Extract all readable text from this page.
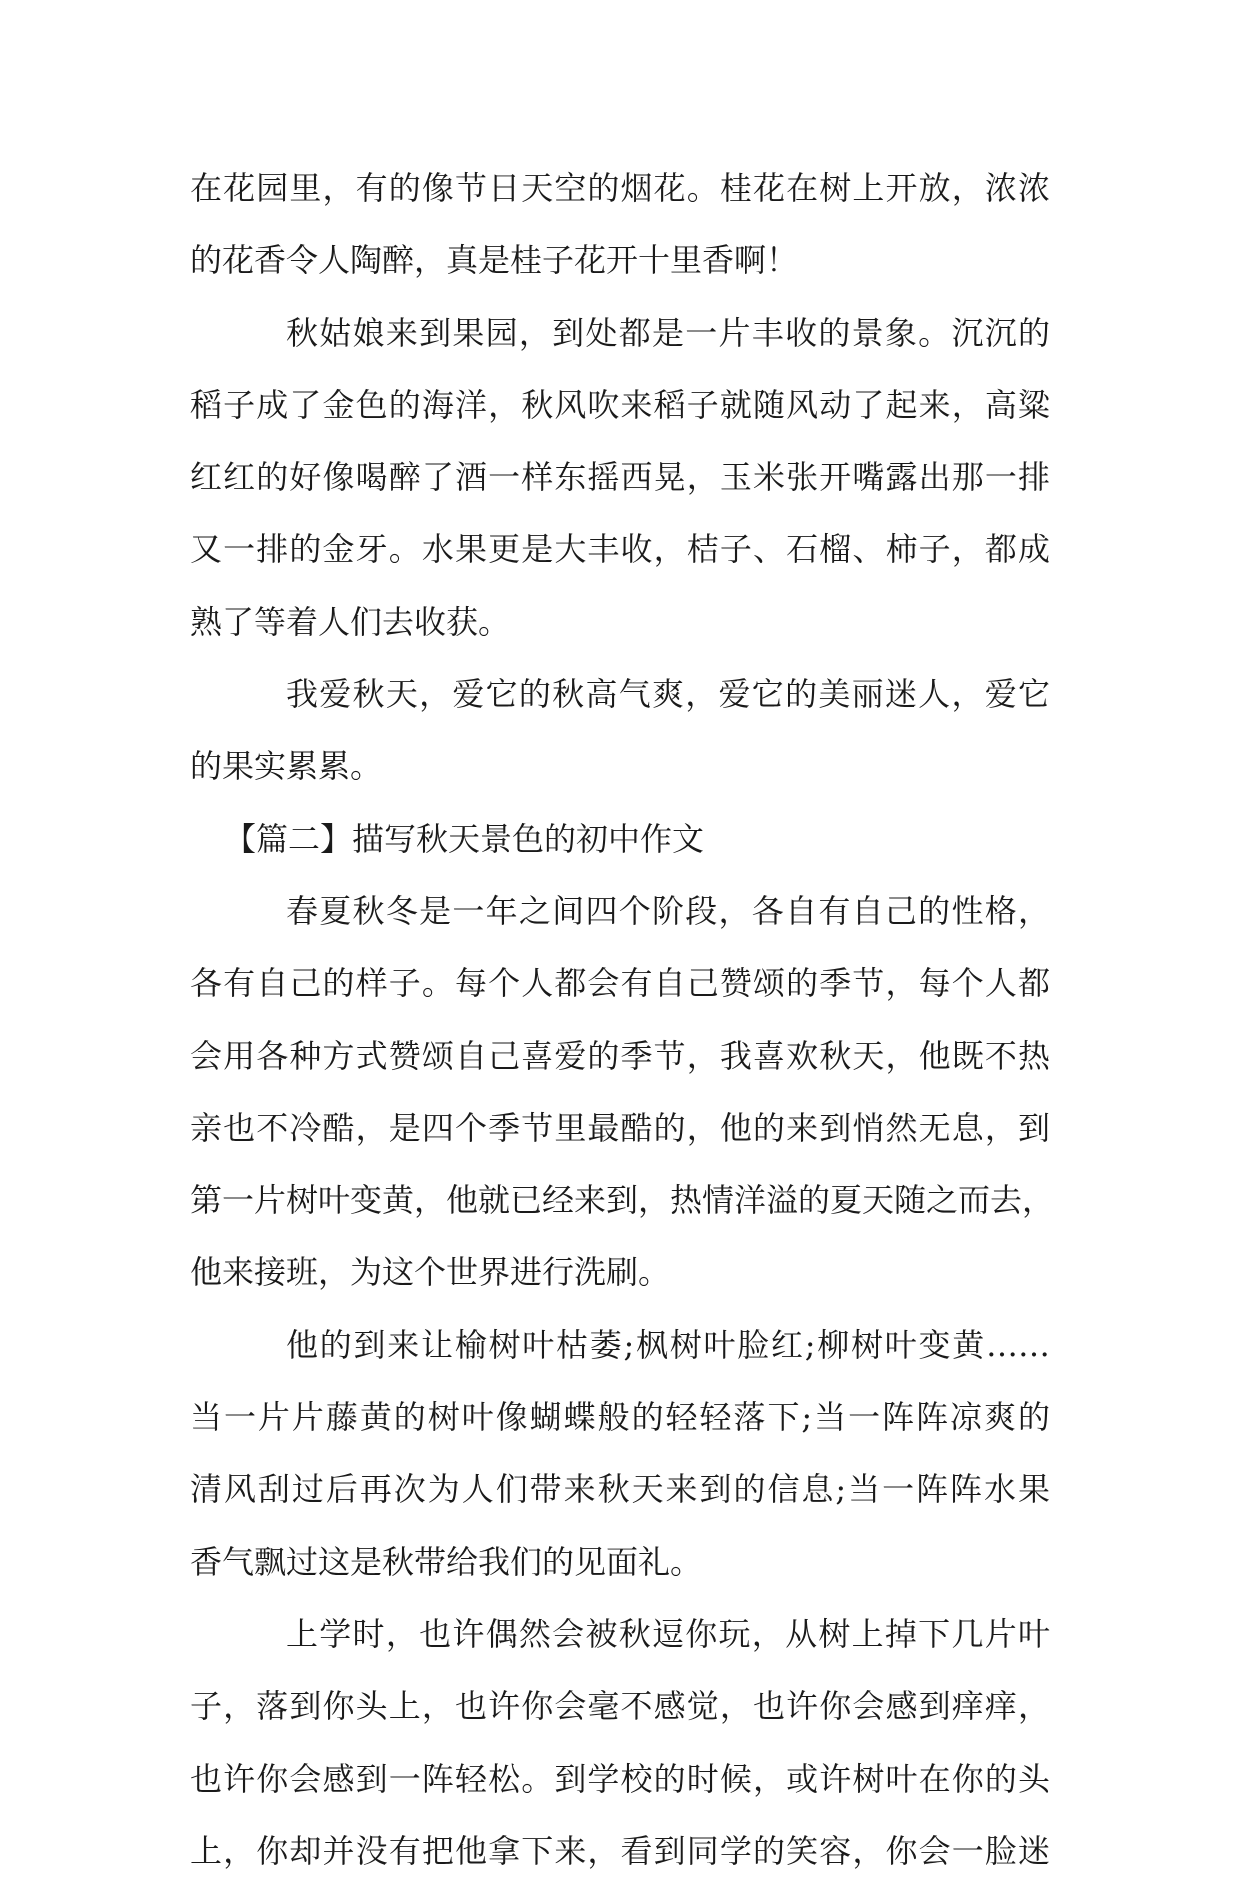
在花园里，有的像节日天空的烟花。桂花在树上开放，浓浓
的花香令人陶醉，真是桂子花开十里香啊！
秋姑娘来到果园，到处都是一片丰收的景象。沉沉的
稻子成了金色的海洋，秋风吹来稻子就随风动了起来，高粱
红红的好像喝醉了酒一样东摇西晃，玉米张开嘴露出那一排
又一排的金牙。水果更是大丰收，桔子、石榴、柿子，都成
熟了等着人们去收获。
我爱秋天，爱它的秋高气爽，爱它的美丽迷人，爱它
的果实累累。
【篇二】描写秋天景色的初中作文
春夏秋冬是一年之间四个阶段，各自有自己的性格，
各有自己的样子。每个人都会有自己赞颂的季节，每个人都
会用各种方式赞颂自己喜爱的季节，我喜欢秋天，他既不热
亲也不冷酷，是四个季节里最酷的，他的来到悄然无息，到
第一片树叶变黄，他就已经来到，热情洋溢的夏天随之而去，
他来接班，为这个世界进行洗刷。
他的到来让榆树叶枯萎;枫树叶脸红;柳树叶变黄……
当一片片藤黄的树叶像蝴蝶般的轻轻落下;当一阵阵凉爽的
清风刮过后再次为人们带来秋天来到的信息;当一阵阵水果
香气飘过这是秋带给我们的见面礼。
上学时，也许偶然会被秋逗你玩，从树上掉下几片叶
子，落到你头上，也许你会毫不感觉，也许你会感到痒痒，
也许你会感到一阵轻松。到学校的时候，或许树叶在你的头
上，你却并没有把他拿下来，看到同学的笑容，你会一脸迷
